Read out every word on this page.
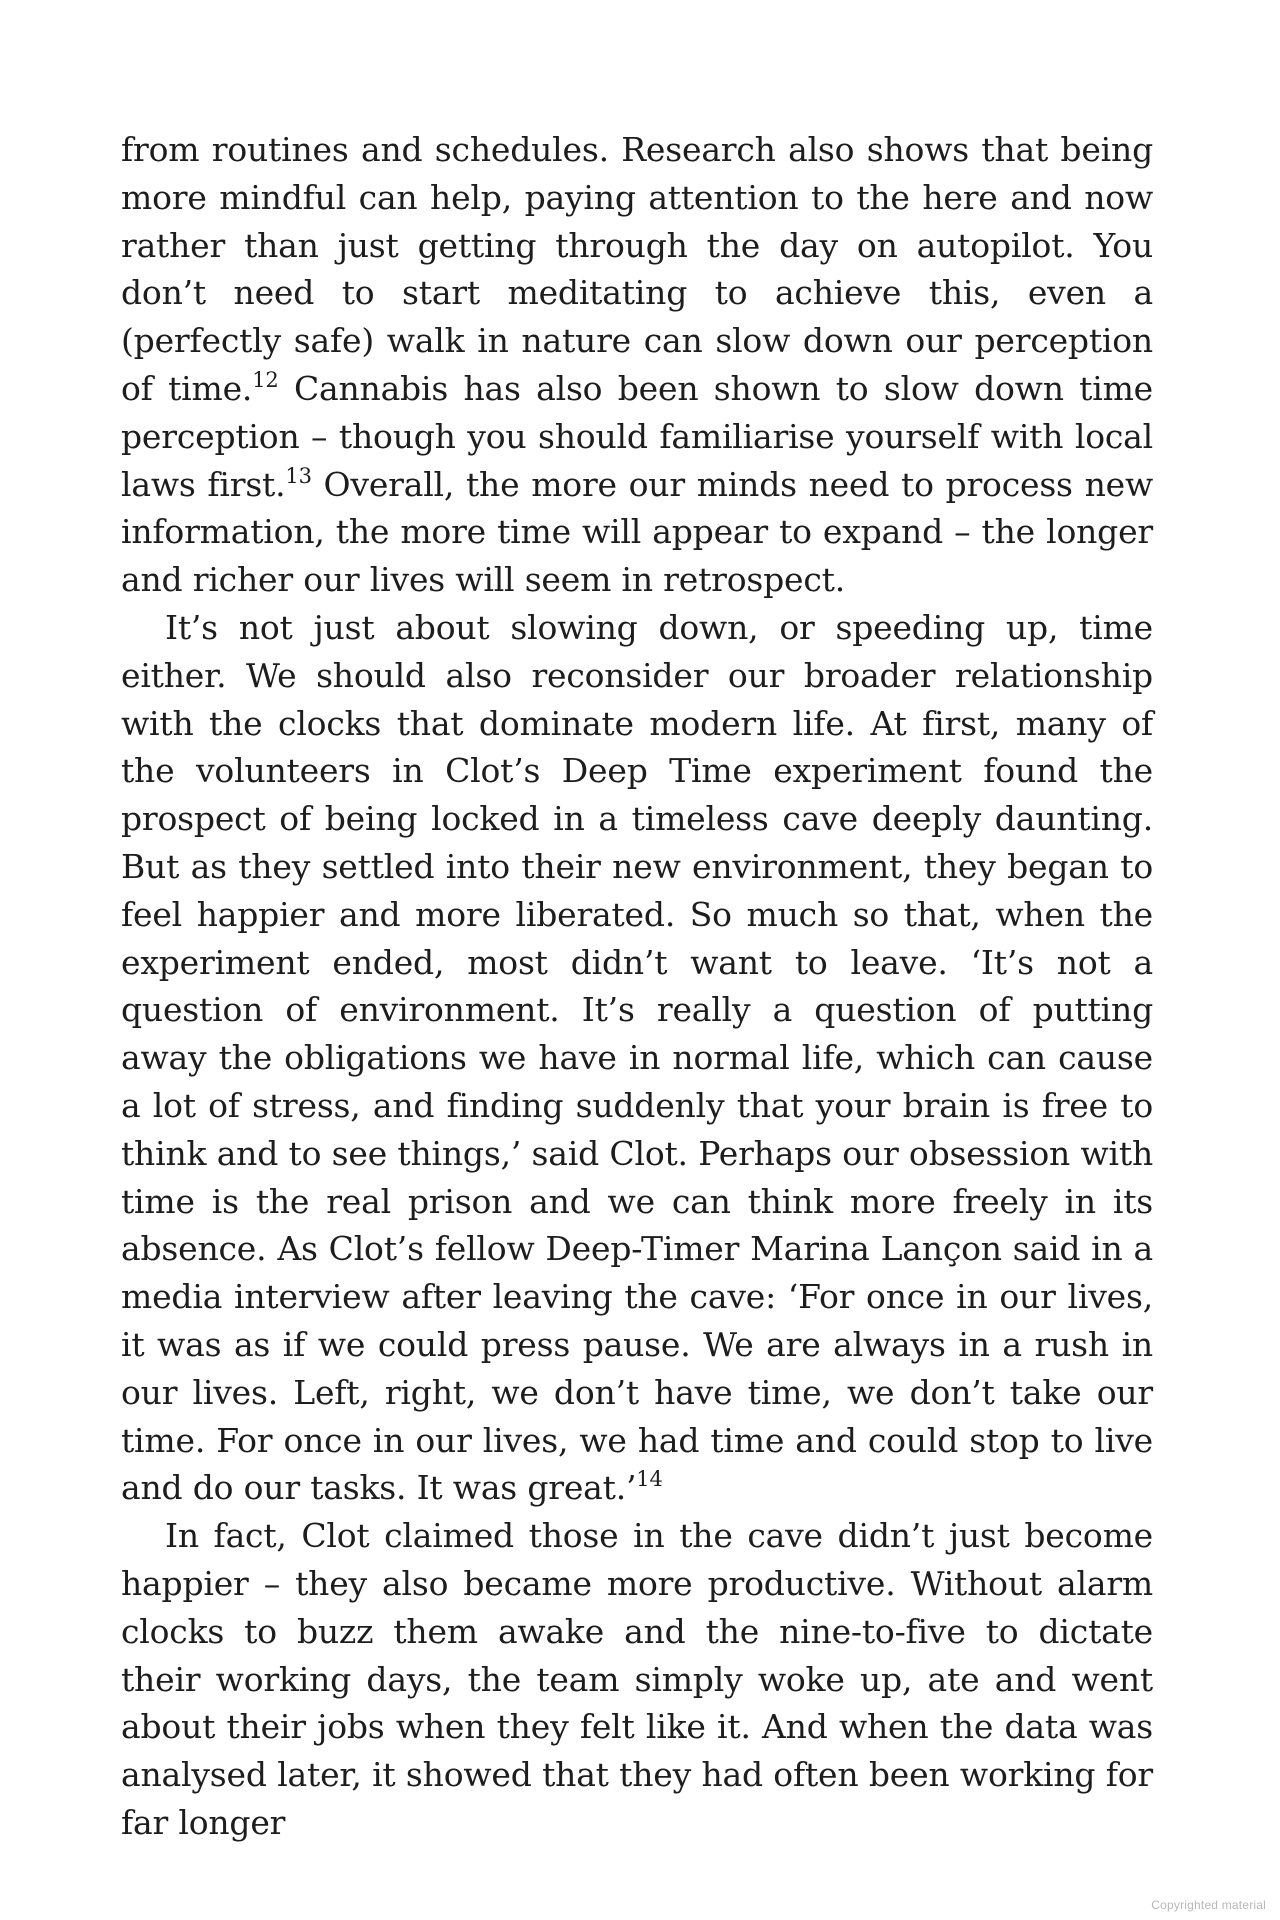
from routines and schedules. Research also shows that being more mindful can help, paying attention to the here and now rather than just getting through the day on autopilot. You don’t need to start meditating to achieve this, even a (perfectly safe) walk in nature can slow down our perception of time.$^{12}$ Cannabis has also been shown to slow down time perception – though you should familiarise yourself with local laws first.$^{13}$ Overall, the more our minds need to process new information, the more time will appear to expand – the longer and richer our lives will seem in retrospect.

It’s not just about slowing down, or speeding up, time either. We should also reconsider our broader relationship with the clocks that dominate modern life. At first, many of the volunteers in Clot’s Deep Time experiment found the prospect of being locked in a timeless cave deeply daunting. But as they settled into their new environment, they began to feel happier and more liberated. So much so that, when the experiment ended, most didn’t want to leave. ‘It’s not a question of environment. It’s really a question of putting away the obligations we have in normal life, which can cause a lot of stress, and finding suddenly that your brain is free to think and to see things,’ said Clot. Perhaps our obsession with time is the real prison and we can think more freely in its absence. As Clot’s fellow Deep-Timer Marina Lançon said in a media interview after leaving the cave: ‘For once in our lives, it was as if we could press pause. We are always in a rush in our lives. Left, right, we don’t have time, we don’t take our time. For once in our lives, we had time and could stop to live and do our tasks. It was great.’$^{14}$

In fact, Clot claimed those in the cave didn’t just become happier – they also became more productive. Without alarm clocks to buzz them awake and the nine-to-five to dictate their working days, the team simply woke up, ate and went about their jobs when they felt like it. And when the data was analysed later, it showed that they had often been working for far longer

Copyrighted material
